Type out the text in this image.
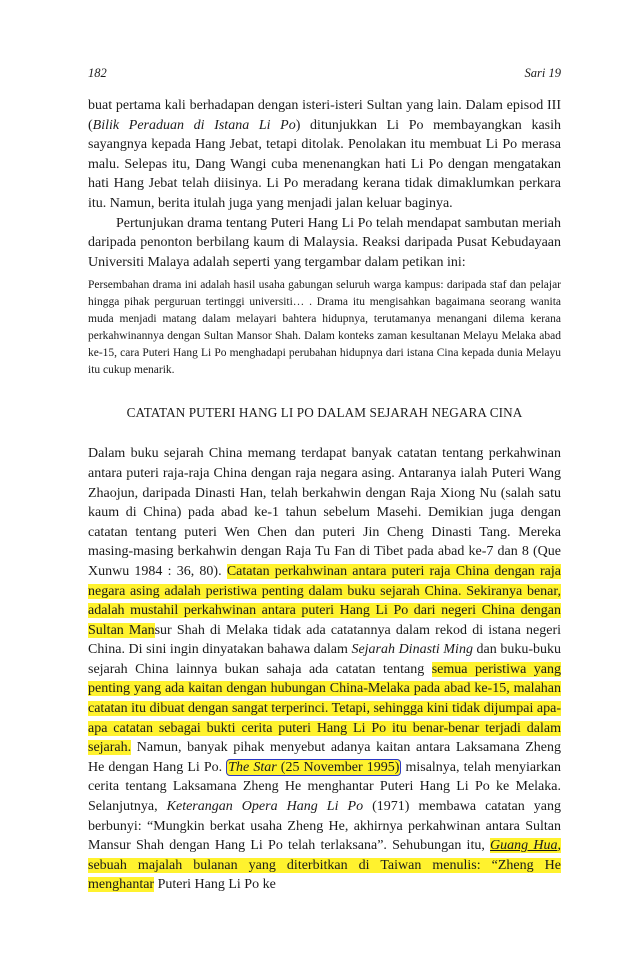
182	Sari 19

buat pertama kali berhadapan dengan isteri-isteri Sultan yang lain. Dalam episod III (Bilik Peraduan di Istana Li Po) ditunjukkan Li Po membayangkan kasih sayangnya kepada Hang Jebat, tetapi ditolak. Penolakan itu membuat Li Po merasa malu. Selepas itu, Dang Wangi cuba menenangkan hati Li Po dengan mengatakan hati Hang Jebat telah diisinya. Li Po meradang kerana tidak dimaklumkan perkara itu. Namun, berita itulah juga yang menjadi jalan keluar baginya.

Pertunjukan drama tentang Puteri Hang Li Po telah mendapat sambutan meriah daripada penonton berbilang kaum di Malaysia. Reaksi daripada Pusat Kebudayaan Universiti Malaya adalah seperti yang tergambar dalam petikan ini:

Persembahan drama ini adalah hasil usaha gabungan seluruh warga kampus: daripada staf dan pelajar hingga pihak perguruan tertinggi universiti… . Drama itu mengisahkan bagaimana seorang wanita muda menjadi matang dalam melayari bahtera hidupnya, terutamanya menangani dilema kerana perkahwinannya dengan Sultan Mansor Shah. Dalam konteks zaman kesultanan Melayu Melaka abad ke-15, cara Puteri Hang Li Po menghadapi perubahan hidupnya dari istana Cina kepada dunia Melayu itu cukup menarik.

CATATAN PUTERI HANG LI PO DALAM SEJARAH NEGARA CINA

Dalam buku sejarah China memang terdapat banyak catatan tentang perkahwinan antara puteri raja-raja China dengan raja negara asing. Antaranya ialah Puteri Wang Zhaojun, daripada Dinasti Han, telah berkahwin dengan Raja Xiong Nu (salah satu kaum di China) pada abad ke-1 tahun sebelum Masehi. Demikian juga dengan catatan tentang puteri Wen Chen dan puteri Jin Cheng Dinasti Tang. Mereka masing-masing berkahwin dengan Raja Tu Fan di Tibet pada abad ke-7 dan 8 (Que Xunwu 1984 : 36, 80). Catatan perkahwinan antara puteri raja China dengan raja negara asing adalah peristiwa penting dalam buku sejarah China. Sekiranya benar, adalah mustahil perkahwinan antara puteri Hang Li Po dari negeri China dengan Sultan Mansur Shah di Melaka tidak ada catatannya dalam rekod di istana negeri China. Di sini ingin dinyatakan bahawa dalam Sejarah Dinasti Ming dan buku-buku sejarah China lainnya bukan sahaja ada catatan tentang semua peristiwa yang penting yang ada kaitan dengan hubungan China-Melaka pada abad ke-15, malahan catatan itu dibuat dengan sangat terperinci. Tetapi, sehingga kini tidak dijumpai apa-apa catatan sebagai bukti cerita puteri Hang Li Po itu benar-benar terjadi dalam sejarah. Namun, banyak pihak menyebut adanya kaitan antara Laksamana Zheng He dengan Hang Li Po. The Star (25 November 1995) misalnya, telah menyiarkan cerita tentang Laksamana Zheng He menghantar Puteri Hang Li Po ke Melaka. Selanjutnya, Keterangan Opera Hang Li Po (1971) membawa catatan yang berbunyi: “Mungkin berkat usaha Zheng He, akhirnya perkahwinan antara Sultan Mansur Shah dengan Hang Li Po telah terlaksana”. Sehubungan itu, Guang Hua, sebuah majalah bulanan yang diterbitkan di Taiwan menulis: “Zheng He menghantar Puteri Hang Li Po ke
